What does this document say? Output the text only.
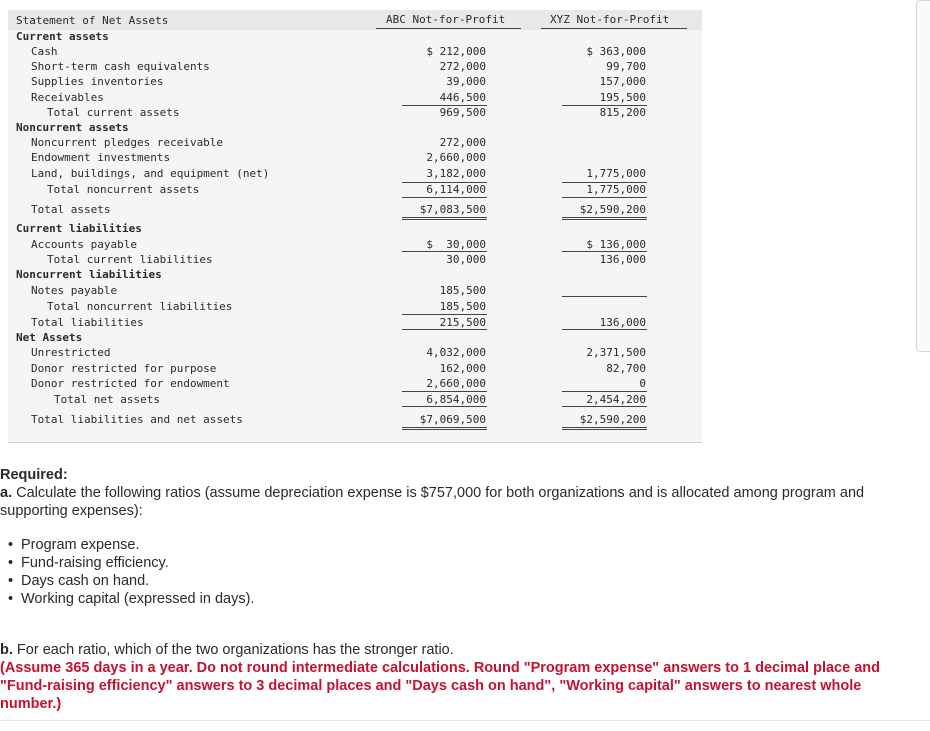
Statement of Net Assets	ABC Not-for-Profit	XYZ Not-for-Profit
Current assets
Cash
Short-term cash equivalents
Supplies inventories
Receivables
Total current assets
Noncurrent assets
Noncurrent pledges receivable
Endowment investments
Land, buildings, and equipment (net)
Total noncurrent assets
Total assets
Current liabilities
Accounts payable
Total current liabilities
Noncurrent liabilities
Notes payable
Total noncurrent liabilities
Total liabilities
Net Assets
Unrestricted
Donor restricted for purpose
Donor restricted for endowment
Total net assets
Total liabilities and net assets
$ 212,000
272,000
39,000
446,500
969,500
272,000
2,660,000
3,182,000
6,114,000
$7,083,500
$  30,000
30,000
185,500
185,500
215,500
4,032,000
162,000
2,660,000
6,854,000
$7,069,500
$ 363,000
99,700
157,000
195,500
815,200
1,775,000
1,775,000
$2,590,200
$ 136,000
136,000
136,000
2,371,500
82,700
0
2,454,200
$2,590,200
Required:
a. Calculate the following ratios (assume depreciation expense is $757,000 for both organizations and is allocated among program and supporting expenses):
• Program expense.
• Fund-raising efficiency.
• Days cash on hand.
• Working capital (expressed in days).
b. For each ratio, which of the two organizations has the stronger ratio.
(Assume 365 days in a year. Do not round intermediate calculations. Round "Program expense" answers to 1 decimal place and "Fund-raising efficiency" answers to 3 decimal places and "Days cash on hand", "Working capital" answers to nearest whole number.)
